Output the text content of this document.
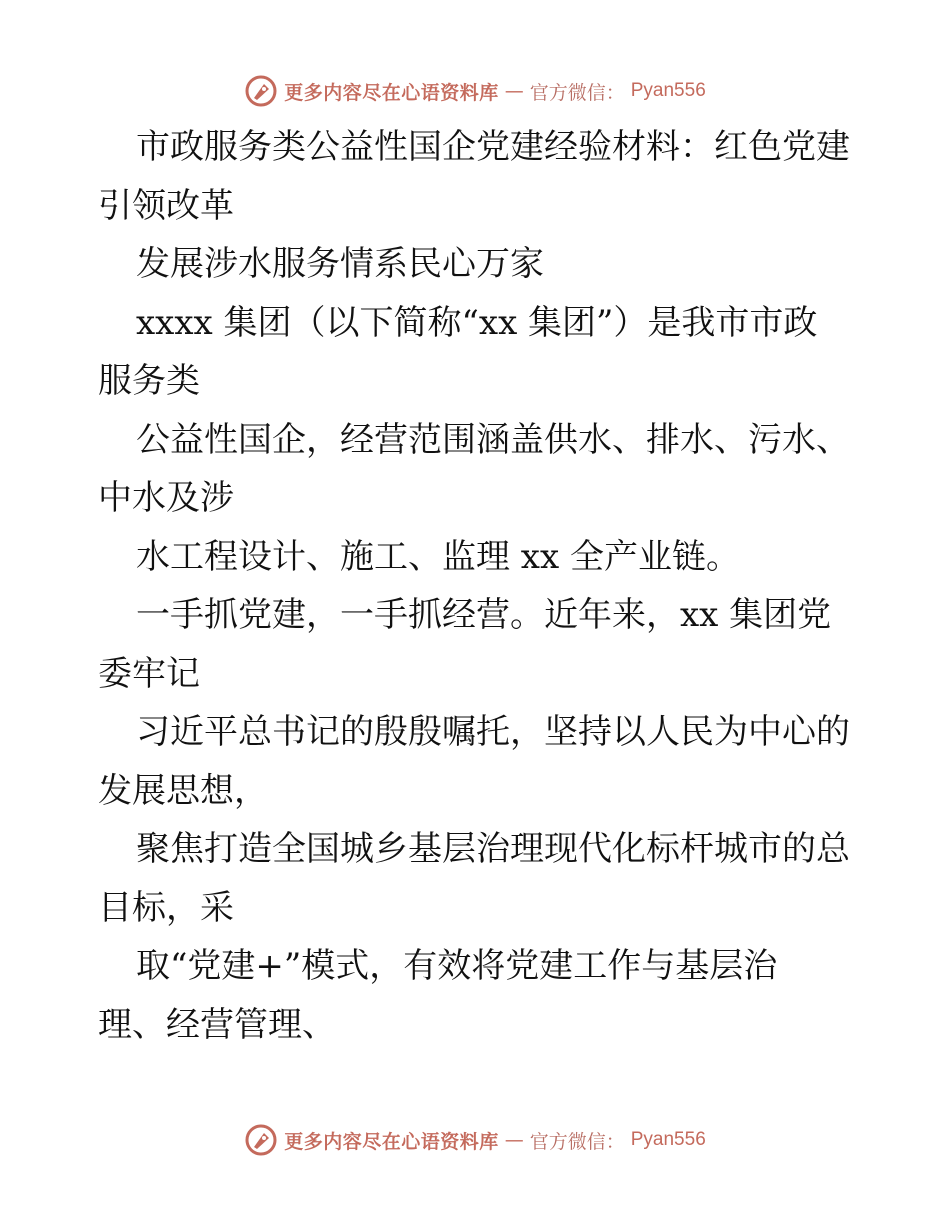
更多内容尽在心语资料库 — 官方微信： Pyan556
市政服务类公益性国企党建经验材料：红色党建
引领改革
发展涉水服务情系民心万家
xxxx 集团（以下简称“xx 集团”）是我市市政
服务类
公益性国企，经营范围涵盖供水、排水、污水、
中水及涉
水工程设计、施工、监理 xx 全产业链。
一手抓党建，一手抓经营。近年来，xx 集团党
委牢记
习近平总书记的殷殷嘱托，坚持以人民为中心的
发展思想，
聚焦打造全国城乡基层治理现代化标杆城市的总
目标，采
取“党建+”模式，有效将党建工作与基层治
理、经营管理、
更多内容尽在心语资料库 — 官方微信： Pyan556
